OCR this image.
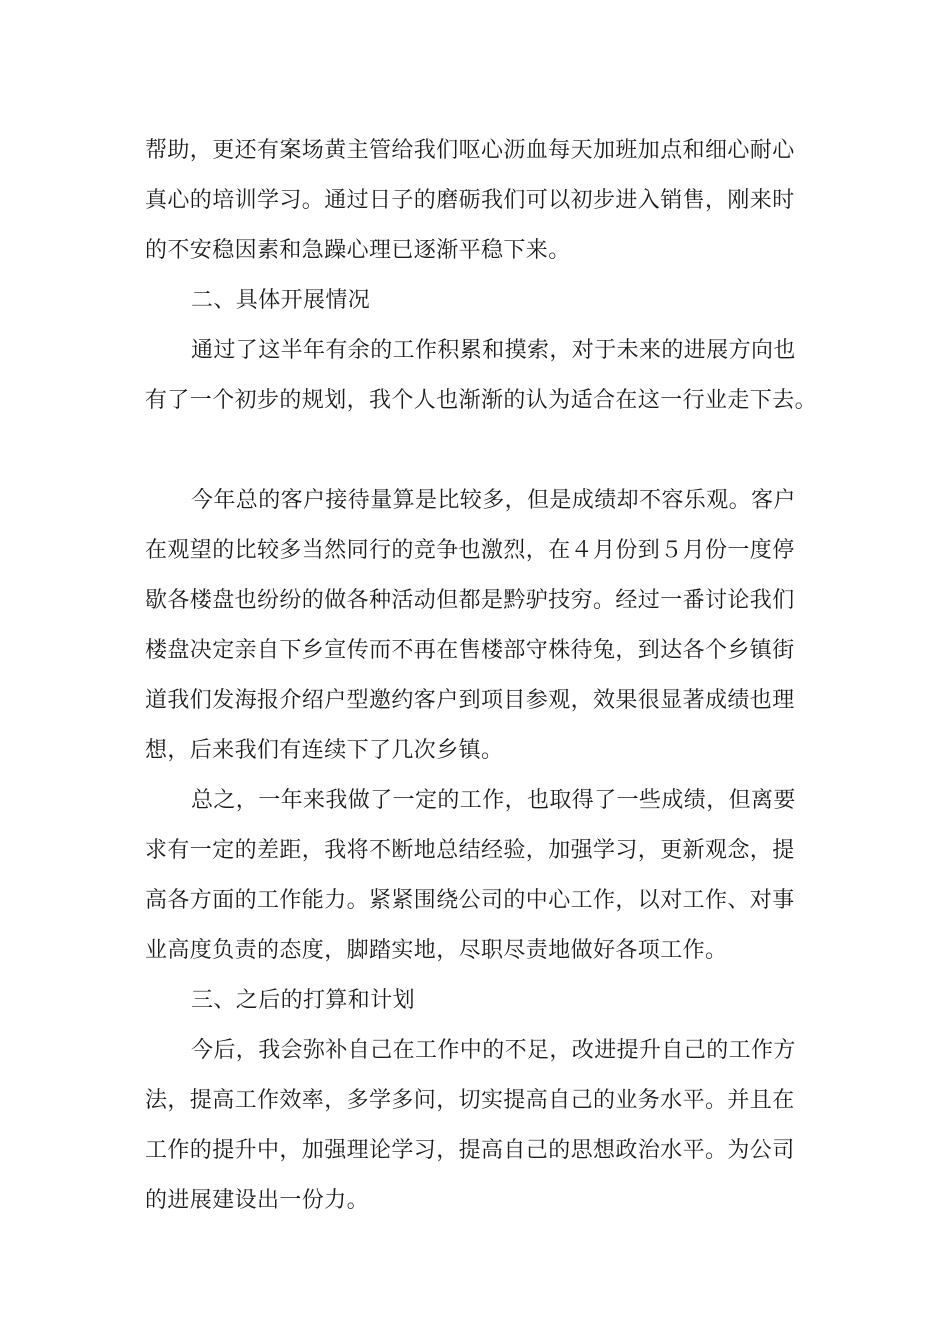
帮助，更还有案场黄主管给我们呕心沥血每天加班加点和细心耐心
真心的培训学习。通过日子的磨砺我们可以初步进入销售，刚来时
的不安稳因素和急躁心理已逐渐平稳下来。
二、具体开展情况
通过了这半年有余的工作积累和摸索，对于未来的进展方向也
有了一个初步的规划，我个人也渐渐的认为适合在这一行业走下去。
今年总的客户接待量算是比较多，但是成绩却不容乐观。客户
在观望的比较多当然同行的竞争也激烈，在４月份到５月份一度停
歇各楼盘也纷纷的做各种活动但都是黔驴技穷。经过一番讨论我们
楼盘决定亲自下乡宣传而不再在售楼部守株待兔，到达各个乡镇街
道我们发海报介绍户型邀约客户到项目参观，效果很显著成绩也理
想，后来我们有连续下了几次乡镇。
总之，一年来我做了一定的工作，也取得了一些成绩，但离要
求有一定的差距，我将不断地总结经验，加强学习，更新观念，提
高各方面的工作能力。紧紧围绕公司的中心工作，以对工作、对事
业高度负责的态度，脚踏实地，尽职尽责地做好各项工作。
三、之后的打算和计划
今后，我会弥补自己在工作中的不足，改进提升自己的工作方
法，提高工作效率，多学多问，切实提高自己的业务水平。并且在
工作的提升中，加强理论学习，提高自己的思想政治水平。为公司
的进展建设出一份力。
